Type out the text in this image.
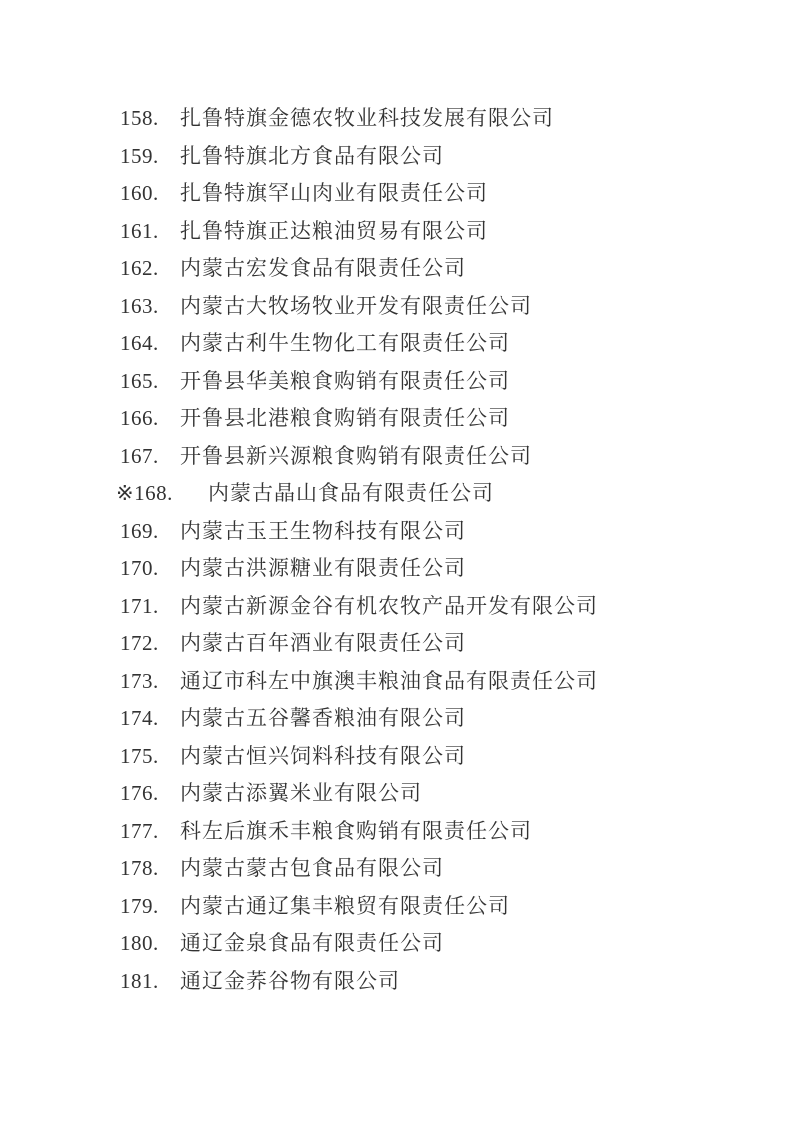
158.	扎鲁特旗金德农牧业科技发展有限公司
159.	扎鲁特旗北方食品有限公司
160.	扎鲁特旗罕山肉业有限责任公司
161.	扎鲁特旗正达粮油贸易有限公司
162.	内蒙古宏发食品有限责任公司
163.	内蒙古大牧场牧业开发有限责任公司
164.	内蒙古利牛生物化工有限责任公司
165.	开鲁县华美粮食购销有限责任公司
166.	开鲁县北港粮食购销有限责任公司
167.	开鲁县新兴源粮食购销有限责任公司
※168.	内蒙古晶山食品有限责任公司
169.	内蒙古玉王生物科技有限公司
170.	内蒙古洪源糖业有限责任公司
171.	内蒙古新源金谷有机农牧产品开发有限公司
172.	内蒙古百年酒业有限责任公司
173.	通辽市科左中旗澳丰粮油食品有限责任公司
174.	内蒙古五谷馨香粮油有限公司
175.	内蒙古恒兴饲料科技有限公司
176.	内蒙古添翼米业有限公司
177.	科左后旗禾丰粮食购销有限责任公司
178.	内蒙古蒙古包食品有限公司
179.	内蒙古通辽集丰粮贸有限责任公司
180.	通辽金泉食品有限责任公司
181.	通辽金荞谷物有限公司
